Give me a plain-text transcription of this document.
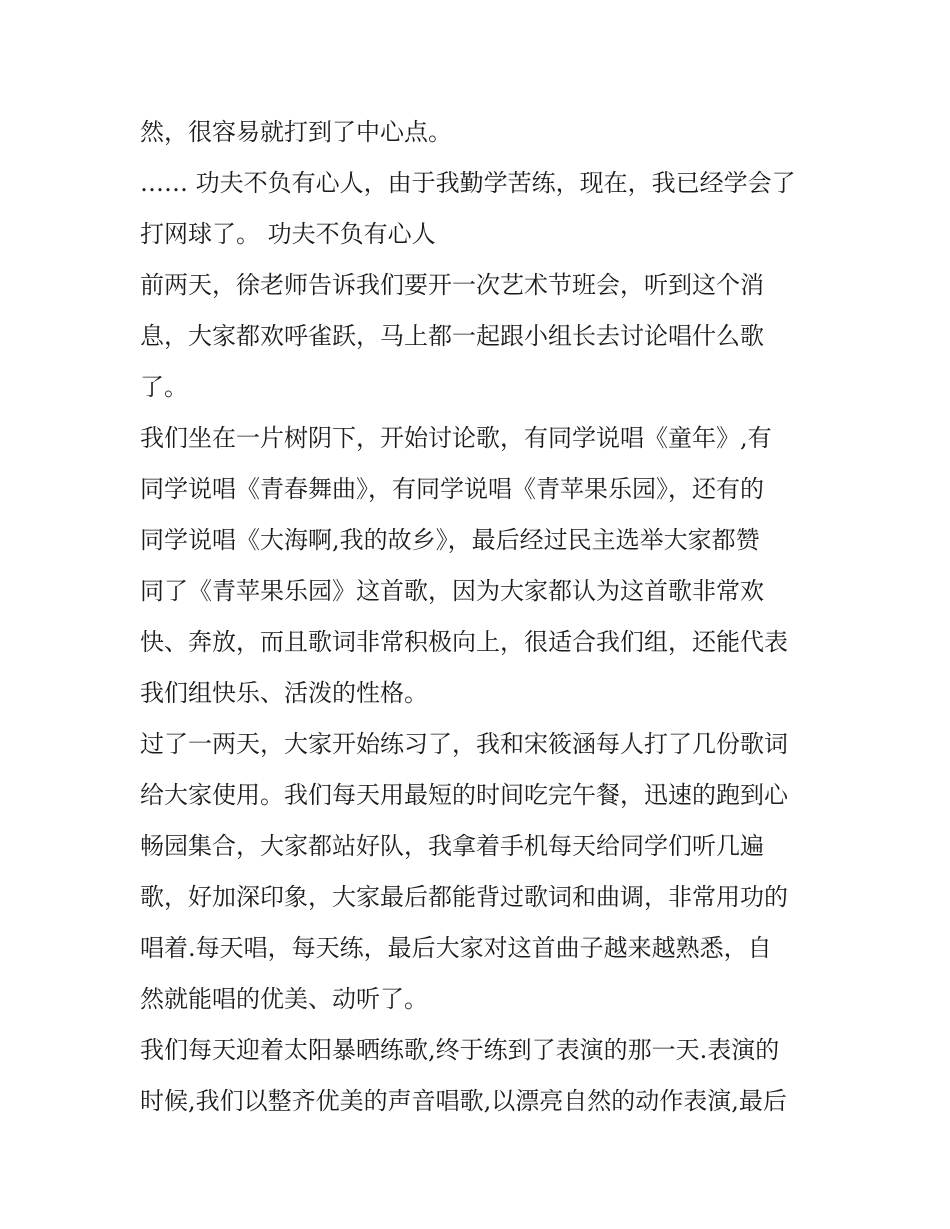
然，很容易就打到了中心点。
…… 功夫不负有心人，由于我勤学苦练，现在，我已经学会了
打网球了。 功夫不负有心人
前两天，徐老师告诉我们要开一次艺术节班会，听到这个消
息，大家都欢呼雀跃，马上都一起跟小组长去讨论唱什么歌
了。
我们坐在一片树阴下，开始讨论歌，有同学说唱《童年》,有
同学说唱《青春舞曲》，有同学说唱《青苹果乐园》，还有的
同学说唱《大海啊,我的故乡》，最后经过民主选举大家都赞
同了《青苹果乐园》这首歌，因为大家都认为这首歌非常欢
快、奔放，而且歌词非常积极向上，很适合我们组，还能代表
我们组快乐、活泼的性格。
过了一两天，大家开始练习了，我和宋筱涵每人打了几份歌词
给大家使用。我们每天用最短的时间吃完午餐，迅速的跑到心
畅园集合，大家都站好队，我拿着手机每天给同学们听几遍
歌，好加深印象，大家最后都能背过歌词和曲调，非常用功的
唱着.每天唱，每天练，最后大家对这首曲子越来越熟悉，自
然就能唱的优美、动听了。
我们每天迎着太阳暴晒练歌,终于练到了表演的那一天.表演的
时候,我们以整齐优美的声音唱歌,以漂亮自然的动作表演,最后
